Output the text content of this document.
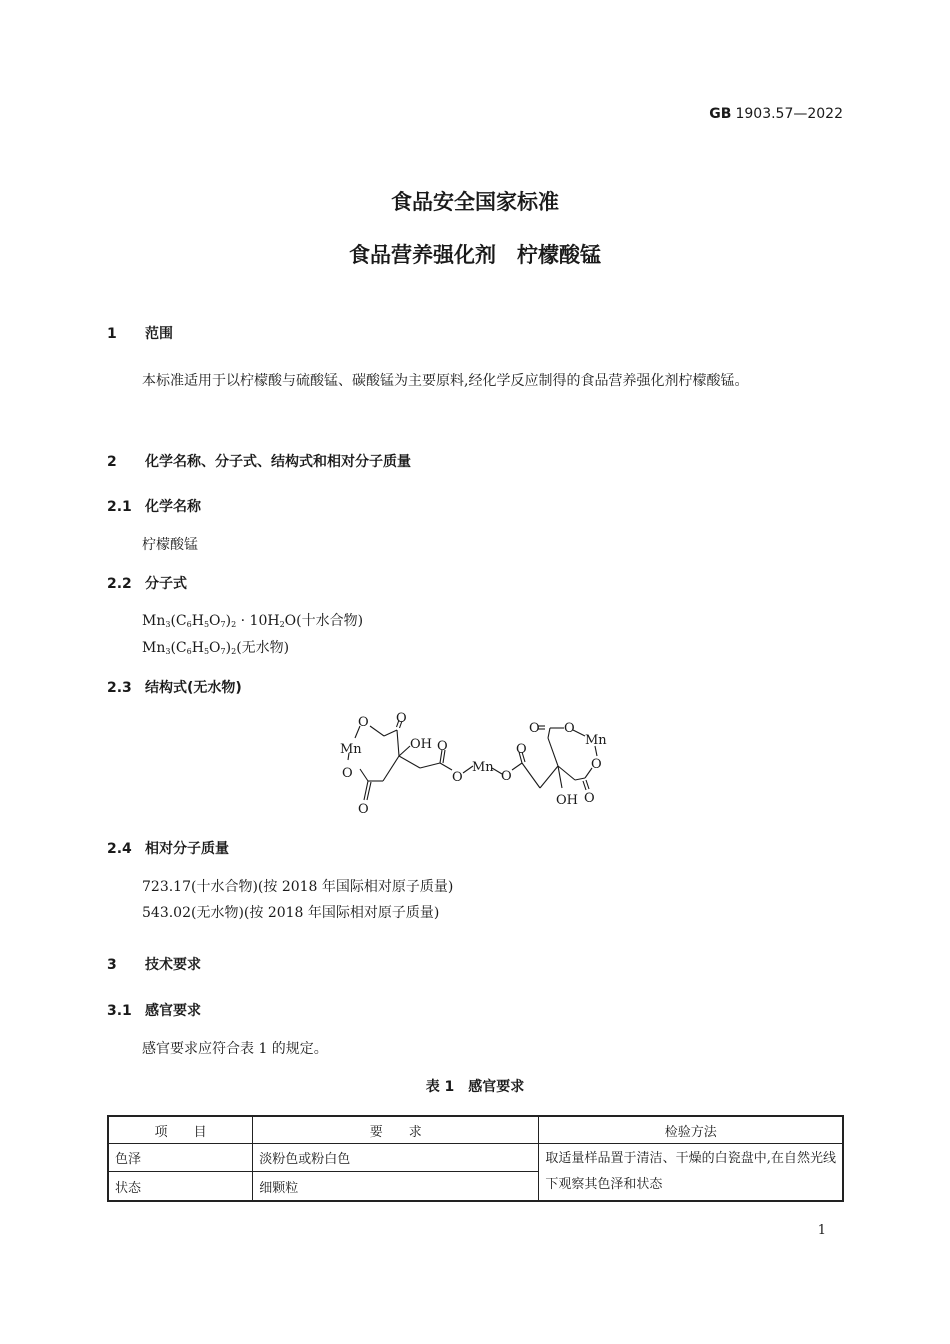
GB 1903.57—2022
食品安全国家标准
食品营养强化剂　柠檬酸锰
1 范围
本标准适用于以柠檬酸与硫酸锰、碳酸锰为主要原料,经化学反应制得的食品营养强化剂柠檬酸锰。
2 化学名称、分子式、结构式和相对分子质量
2.1 化学名称
柠檬酸锰
2.2 分子式
$Mn_3(C_6H_5O_7)_2 \cdot 10H_2O$(十水合物)
$Mn_3(C_6H_5O_7)_2$(无水物)
2.3 结构式(无水物)
O
O
Mn
O
O
OH O
O
Mn
O
O
O O
Mn
O
O
OH
2.4 相对分子质量
723.17(十水合物)(按 2018 年国际相对原子质量)
543.02(无水物)(按 2018 年国际相对原子质量)
3 技术要求
3.1 感官要求
感官要求应符合表 1 的规定。
表 1　感官要求
项　　目	要　　求	检验方法
色泽	淡粉色或粉白色	取适量样品置于清洁、干燥的白瓷盘中,在自然光线下观察其色泽和状态
状态	细颗粒	
1
